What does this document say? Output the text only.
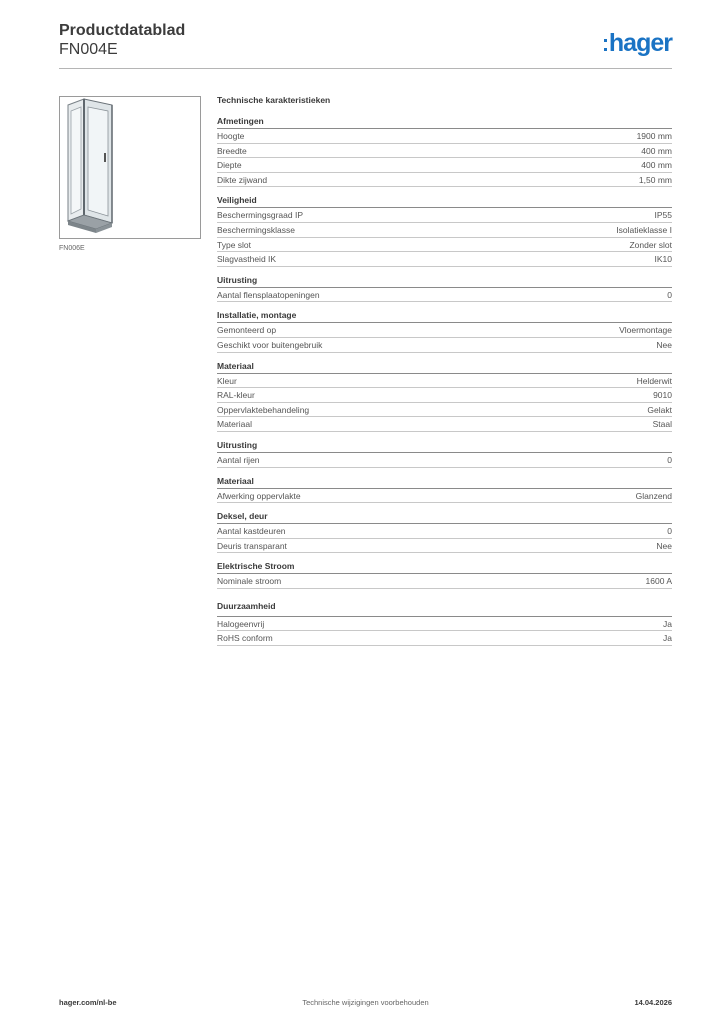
Productdatablad
FN004E	hager
FN006E
Technische karakteristieken
Afmetingen
Hoogte	1900 mm
Breedte	400 mm
Diepte	400 mm
Dikte zijwand	1,50 mm
Veiligheid
Beschermingsgraad IP	IP55
Beschermingsklasse	Isolatieklasse I
Type slot	Zonder slot
Slagvastheid IK	IK10
Uitrusting
Aantal flensplaatopeningen	0
Installatie, montage
Gemonteerd op	Vloermontage
Geschikt voor buitengebruik	Nee
Materiaal
Kleur	Helderwit
RAL-kleur	9010
Oppervlaktebehandeling	Gelakt
Materiaal	Staal
Uitrusting
Aantal rijen	0
Materiaal
Afwerking oppervlakte	Glanzend
Deksel, deur
Aantal kastdeuren	0
Deuris transparant	Nee
Elektrische Stroom
Nominale stroom	1600 A
Duurzaamheid
Halogeenvrij	Ja
RoHS conform	Ja
hager.com/nl-be	Technische wijzigingen voorbehouden	14.04.2026
